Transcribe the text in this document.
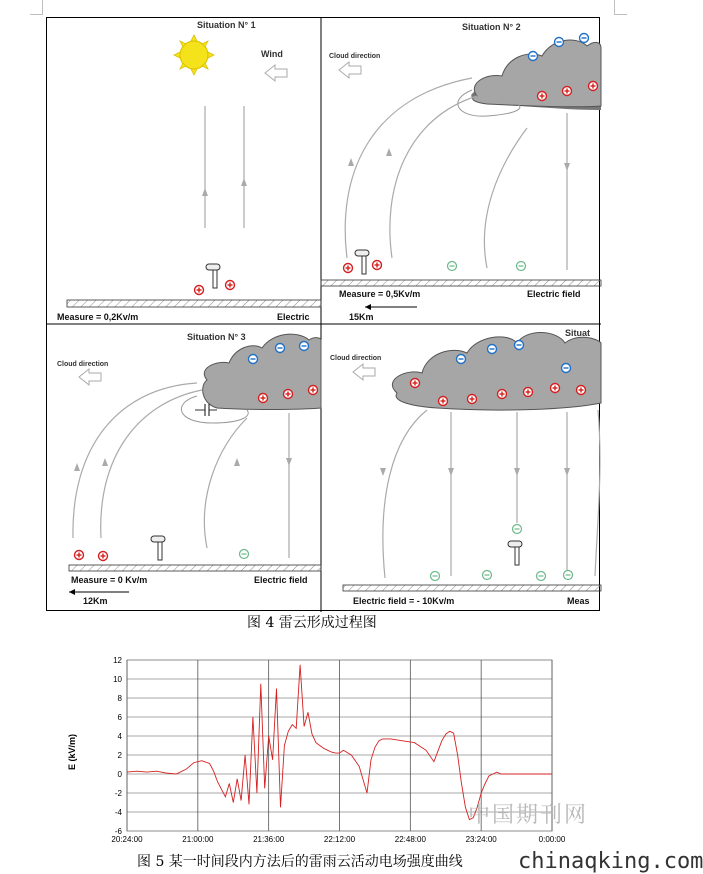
Situation N° 1
Wind
Measure = 0,2Kv/m	Electric
Situation N° 2
Cloud direction
Measure = 0,5Kv/m	Electric field
15Km
Situation N° 3
Cloud direction
Measure = 0 Kv/m	Electric field
12Km
Situat
Cloud direction
Electric field = - 10Kv/m	Meas
图 4 雷云形成过程图
-6
-4
-2
0
2
4
6
8
10
12
20:24:00	21:00:00	21:36:00	22:12:00	22:48:00	23:24:00	0:00:00
E (kV/m)
中国期刊网
图 5 某一时间段内方法后的雷雨云活动电场强度曲线	chinaqking.com
